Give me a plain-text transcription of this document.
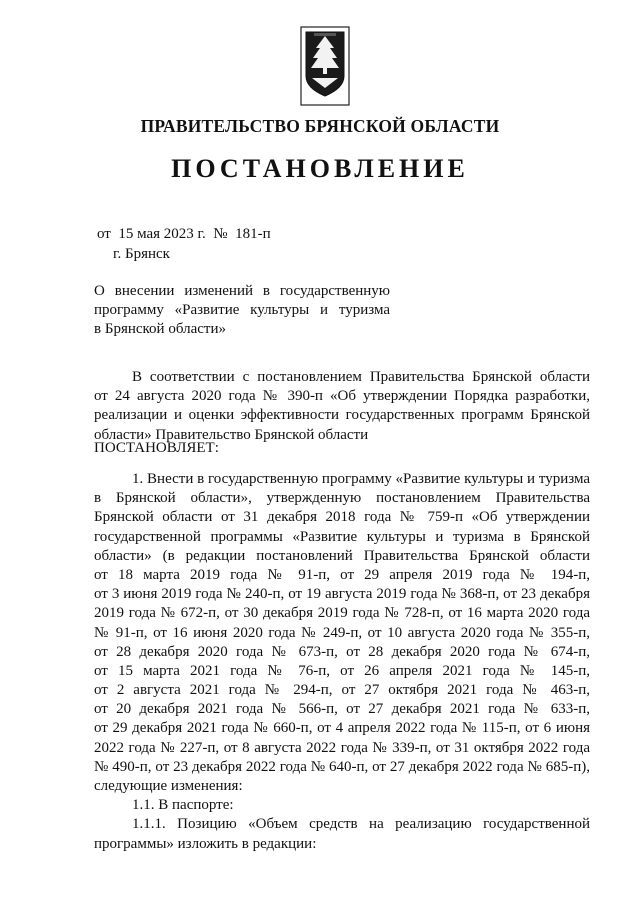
ПРАВИТЕЛЬСТВО БРЯНСКОЙ ОБЛАСТИ
ПОСТАНОВЛЕНИЕ
от  15 мая 2023 г.  №  181-п
г. Брянск
О внесении изменений в государственную
программу «Развитие культуры и туризма
в Брянской области»
В соответствии с постановлением Правительства Брянской области
от 24 августа 2020 года № 390-п «Об утверждении Порядка разработки,
реализации и оценки эффективности государственных программ Брянской
области» Правительство Брянской области
ПОСТАНОВЛЯЕТ:
1. Внести в государственную программу «Развитие культуры и туризма
в Брянской области», утвержденную постановлением Правительства
Брянской области от 31 декабря 2018 года № 759-п «Об утверждении
государственной программы «Развитие культуры и туризма в Брянской
области» (в редакции постановлений Правительства Брянской области
от 18 марта 2019 года № 91-п, от 29 апреля 2019 года № 194-п,
от 3 июня 2019 года № 240-п, от 19 августа 2019 года № 368-п, от 23 декабря
2019 года № 672-п, от 30 декабря 2019 года № 728-п, от 16 марта 2020 года
№ 91-п, от 16 июня 2020 года № 249-п, от 10 августа 2020 года № 355-п,
от 28 декабря 2020 года № 673-п, от 28 декабря 2020 года № 674-п,
от 15 марта 2021 года № 76-п, от 26 апреля 2021 года № 145-п,
от 2 августа 2021 года № 294-п, от 27 октября 2021 года № 463-п,
от 20 декабря 2021 года № 566-п, от 27 декабря 2021 года № 633-п,
от 29 декабря 2021 года № 660-п, от 4 апреля 2022 года № 115-п, от 6 июня
2022 года № 227-п, от 8 августа 2022 года № 339-п, от 31 октября 2022 года
№ 490-п, от 23 декабря 2022 года № 640-п, от 27 декабря 2022 года № 685-п),
следующие изменения:
1.1. В паспорте:
1.1.1. Позицию «Объем средств на реализацию государственной
программы» изложить в редакции:
